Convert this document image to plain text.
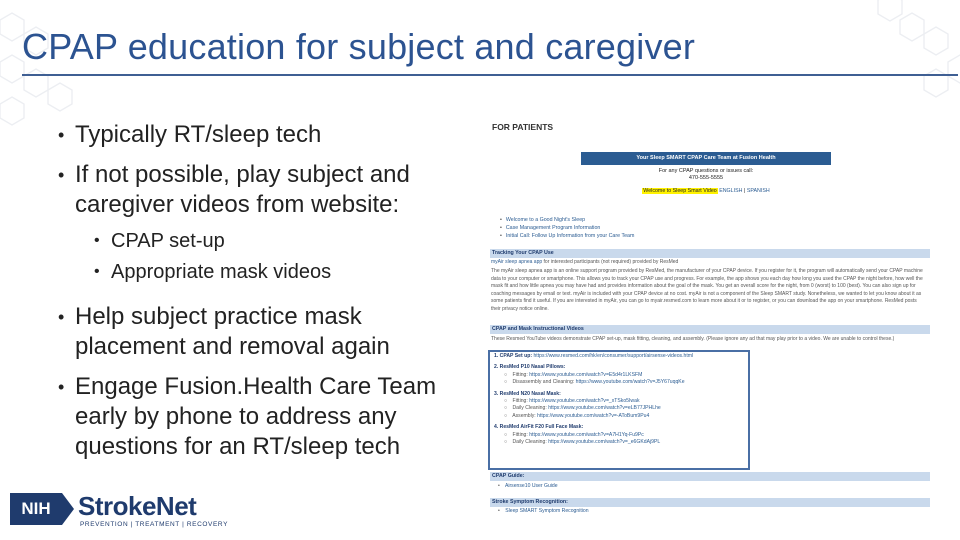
CPAP education for subject and caregiver
• Typically RT/sleep tech
• If not possible, play subject and caregiver videos from website:
• CPAP set-up
• Appropriate mask videos
• Help subject practice mask placement and removal again
• Engage Fusion.Health Care Team early by phone to address any questions for an RT/sleep tech
NIH	StrokeNet
PREVENTION | TREATMENT | RECOVERY
FOR PATIENTS
Your Sleep SMART CPAP Care Team at Fusion Health
For any CPAP questions or issues call:
470-555-5555
Welcome to Sleep Smart Video ENGLISH | SPANISH
• Welcome to a Good Night's Sleep
• Case Management Program Information
• Initial Call: Follow Up Information from your Care Team
Tracking Your CPAP Use
myAir sleep apnea app for interested participants (not required) provided by ResMed
The myAir sleep apnea app is an online support program provided by ResMed, the manufacturer of your CPAP device. If you register for it, the program will automatically send your CPAP machine data to your computer or smartphone. This allows you to track your CPAP use and progress. For example, the app shows you each day how long you used the CPAP the night before, how well the mask fit and how little apnea you may have had and provides information about the goal of the mask. You get an overall score for the night, from 0 (worst) to 100 (best). You can also sign up for coaching messages by email or text. myAir is included with your CPAP device at no cost. myAir is not a component of the Sleep SMART study. Nonetheless, we wanted to let you know about it as some patients find it useful. If you are interested in myAir, you can go to myair.resmed.com to learn more about it or to register, or you can download the app on your smartphone. ResMed posts their privacy notice online.
CPAP and Mask Instructional Videos
These Resmed YouTube videos demonstrate CPAP set-up, mask fitting, cleaning, and assembly. (Please ignore any ad that may play prior to a video. We are unable to control these.)
1. CPAP Set up: https://www.resmed.com/hk/en/consumer/support/airsense-videos.html
2. ResMed P10 Nasal Pillows:
○ Fitting: https://www.youtube.com/watch?v=E5d4r1LKSFM
○ Disassembly and Cleaning: https://www.youtube.com/watch?v=J5Y67uqqKe
3. ResMed N20 Nasal Mask:
○ Fitting: https://www.youtube.com/watch?v=_xTSko5Iwak
○ Daily Cleaning: https://www.youtube.com/watch?v=eLB77JPHLhe
○ Assembly: https://www.youtube.com/watch?v=-AToBum9Pu4
4. ResMed AirFit F20 Full Face Mask:
○ Fitting: https://www.youtube.com/watch?v=A7H1Yq-Fu9Pc
○ Daily Cleaning: https://www.youtube.com/watch?v=_e6GKdAj9PL
CPAP Guide:
• Airsense10 User Guide
Stroke Symptom Recognition:
• Sleep SMART Symptom Recognition
